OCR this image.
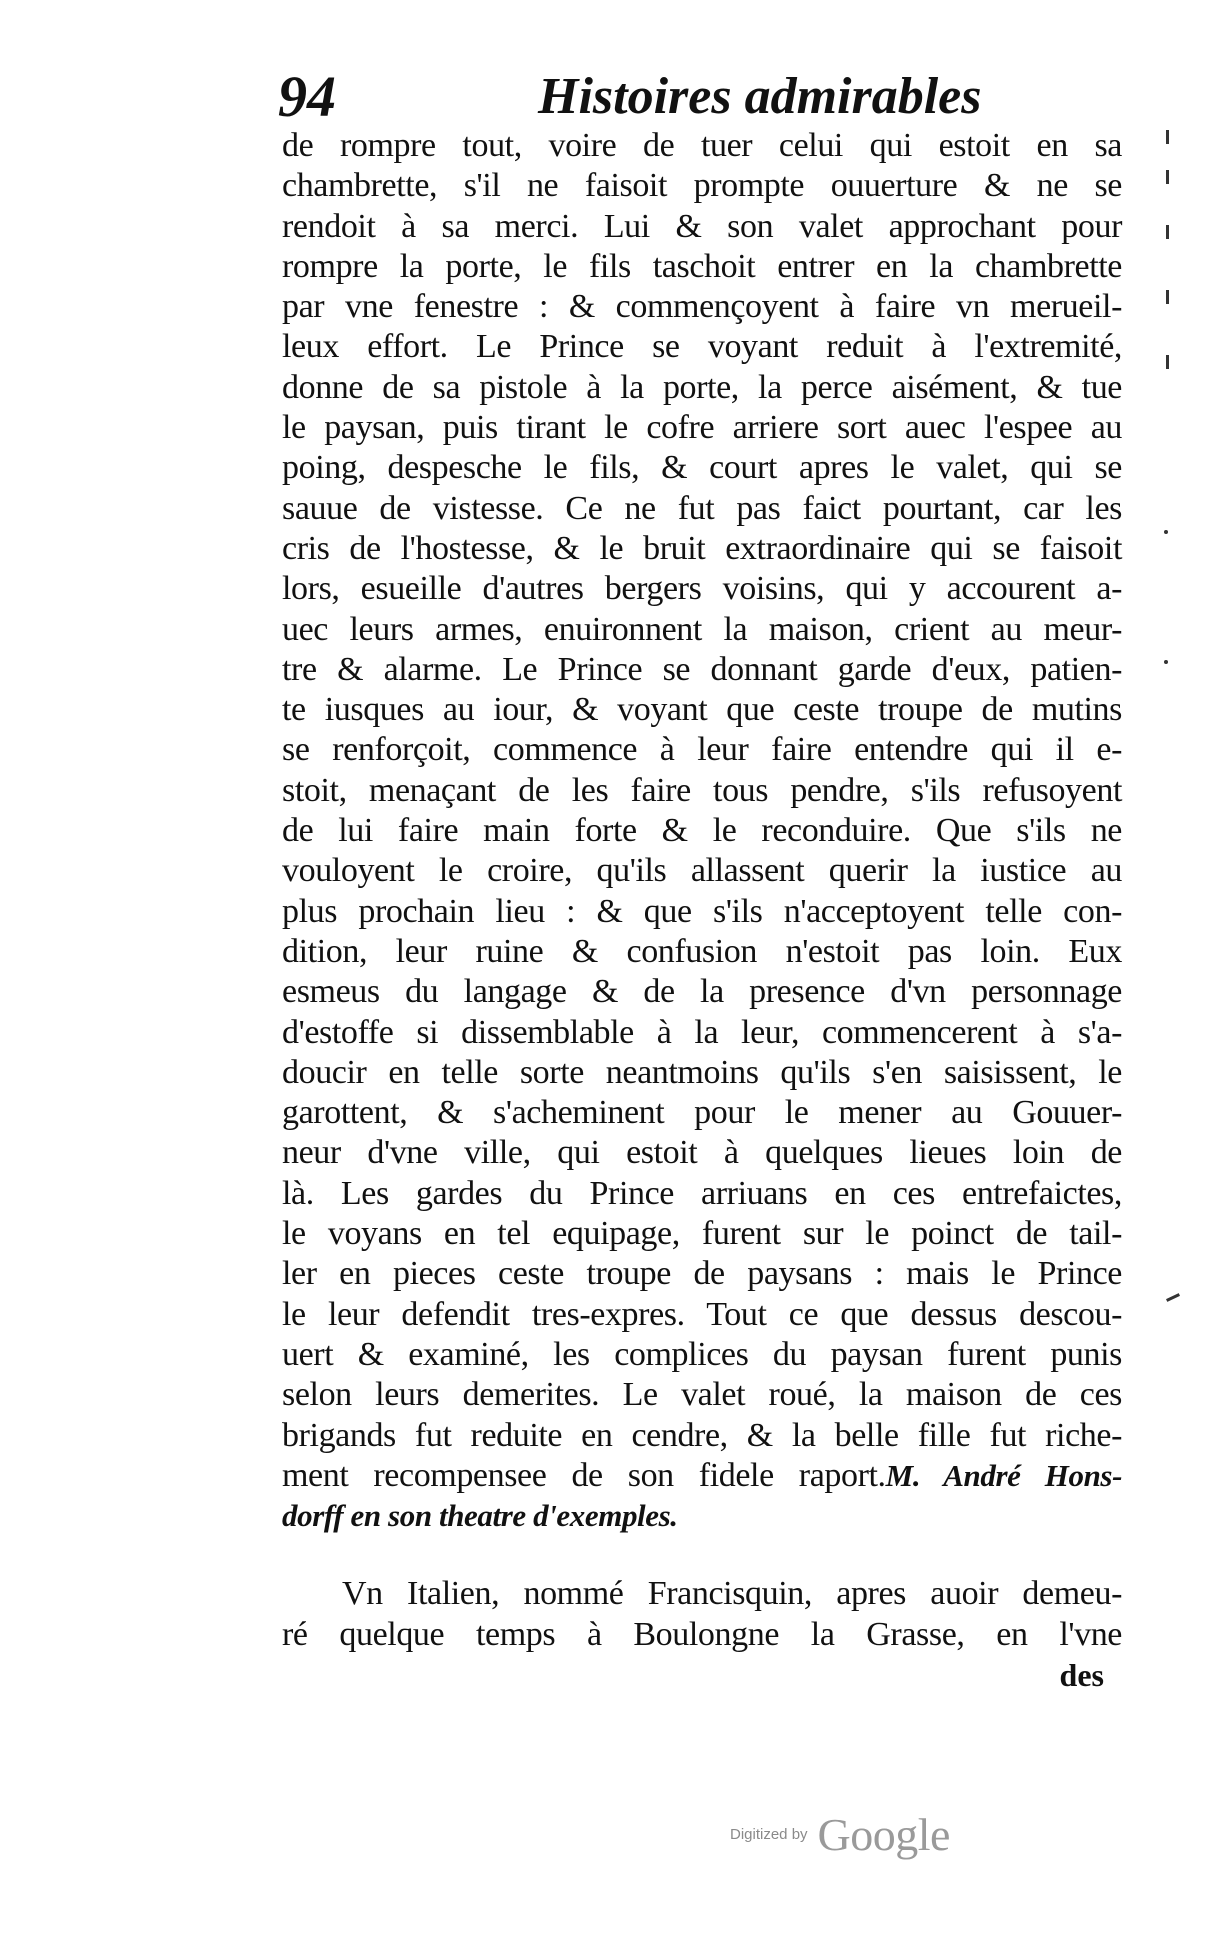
94	Histoires admirables
de rompre tout, voire de tuer celui qui estoit en sa
chambrette, s'il ne faisoit prompte ouuerture & ne se
rendoit à sa merci. Lui & son valet approchant pour
rompre la porte, le fils taschoit entrer en la chambrette
par vne fenestre : & commençoyent à faire vn merueil-
leux effort. Le Prince se voyant reduit à l'extremité,
donne de sa pistole à la porte, la perce aisément, & tue
le paysan, puis tirant le cofre arriere sort auec l'espee au
poing, despesche le fils, & court apres le valet, qui se
sauue de vistesse. Ce ne fut pas faict pourtant, car les
cris de l'hostesse, & le bruit extraordinaire qui se faisoit
lors, esueille d'autres bergers voisins, qui y accourent a-
uec leurs armes, enuironnent la maison, crient au meur-
tre & alarme. Le Prince se donnant garde d'eux, patien-
te iusques au iour, & voyant que ceste troupe de mutins
se renforçoit, commence à leur faire entendre qui il e-
stoit, menaçant de les faire tous pendre, s'ils refusoyent
de lui faire main forte & le reconduire. Que s'ils ne
vouloyent le croire, qu'ils allassent querir la iustice au
plus prochain lieu : & que s'ils n'acceptoyent telle con-
dition, leur ruine & confusion n'estoit pas loin. Eux
esmeus du langage & de la presence d'vn personnage
d'estoffe si dissemblable à la leur, commencerent à s'a-
doucir en telle sorte neantmoins qu'ils s'en saisissent, le
garottent, & s'acheminent pour le mener au Gouuer-
neur d'vne ville, qui estoit à quelques lieues loin de
là. Les gardes du Prince arriuans en ces entrefaictes,
le voyans en tel equipage, furent sur le poinct de tail-
ler en pieces ceste troupe de paysans : mais le Prince
le leur defendit tres-expres. Tout ce que dessus descou-
uert & examiné, les complices du paysan furent punis
selon leurs demerites. Le valet roué, la maison de ces
brigands fut reduite en cendre, & la belle fille fut riche-
ment recompensee de son fidele raport.M. André Hons-
dorff en son theatre d'exemples.
Vn Italien, nommé Francisquin, apres auoir demeu-
ré quelque temps à Boulongne la Grasse, en l'vne
des
Digitized by Google
